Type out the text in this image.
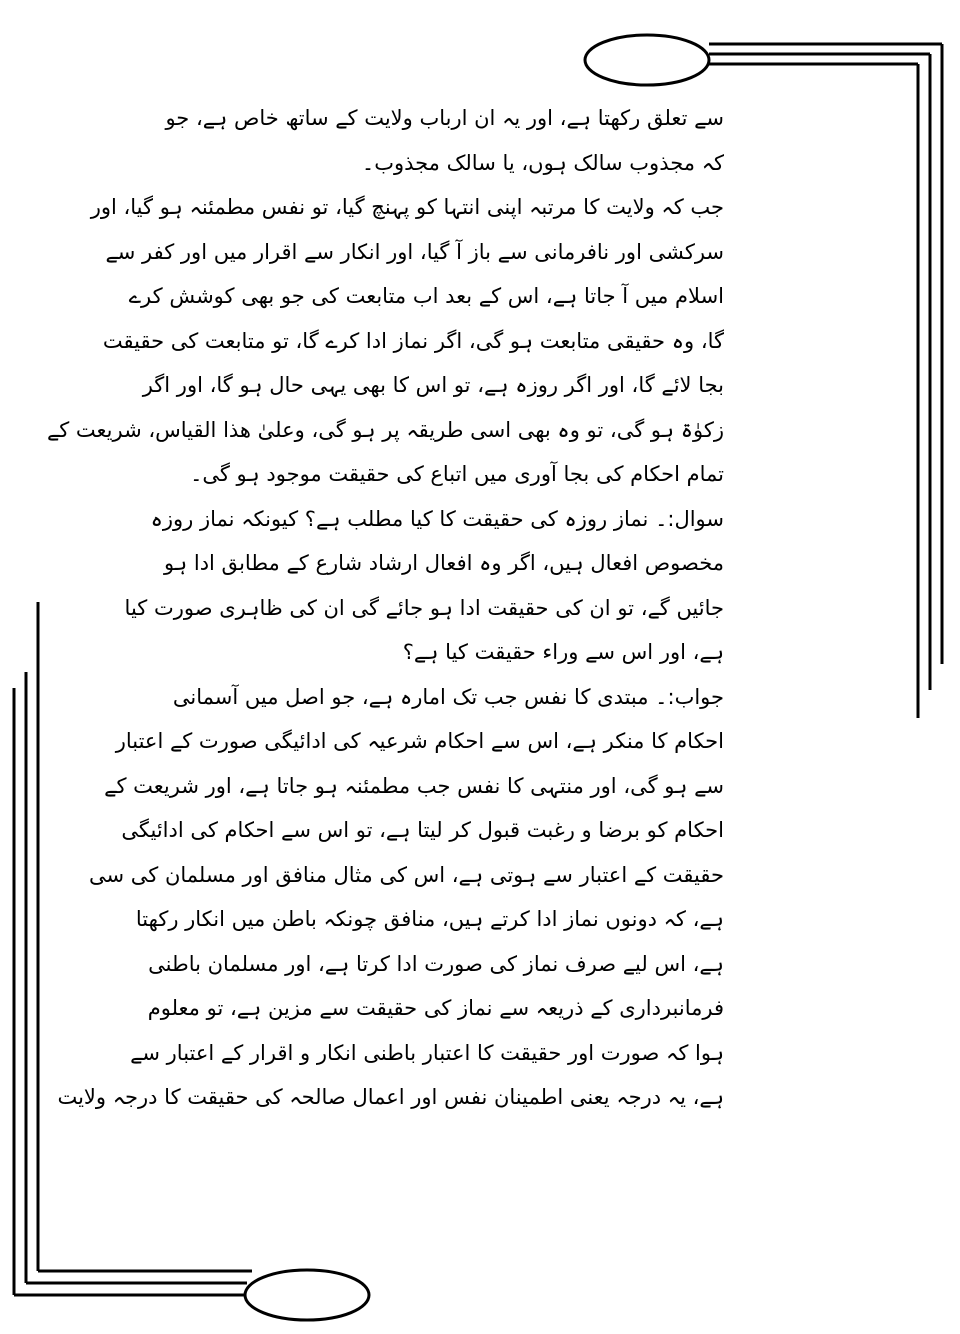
سے تعلق رکھتا ہے، اور یہ ان ارباب ولایت کے ساتھ خاص ہے، جو
کہ مجذوب سالک ہوں، یا سالک مجذوب۔
جب کہ ولایت کا مرتبہ اپنی انتہا کو پہنچ گیا، تو نفس مطمئنہ ہو گیا، اور
سرکشی اور نافرمانی سے باز آ گیا، اور انکار سے اقرار میں اور کفر سے
اسلام میں آ جاتا ہے، اس کے بعد اب متابعت کی جو بھی کوشش کرے
گا، وہ حقیقی متابعت ہو گی، اگر نماز ادا کرے گا، تو متابعت کی حقیقت
بجا لائے گا، اور اگر روزہ ہے، تو اس کا بھی یہی حال ہو گا، اور اگر
زکوٰۃ ہو گی، تو وہ بھی اسی طریقہ پر ہو گی، وعلیٰ ھذا القیاس، شریعت کے
تمام احکام کی بجا آوری میں اتباع کی حقیقت موجود ہو گی۔
سوال:۔ نماز روزہ کی حقیقت کا کیا مطلب ہے؟ کیونکہ نماز روزہ
مخصوص افعال ہیں، اگر وہ افعال ارشاد شارع کے مطابق ادا ہو
جائیں گے، تو ان کی حقیقت ادا ہو جائے گی ان کی ظاہری صورت کیا
ہے، اور اس سے وراء حقیقت کیا ہے؟
جواب:۔ مبتدی کا نفس جب تک امارہ ہے، جو اصل میں آسمانی
احکام کا منکر ہے، اس سے احکام شرعیہ کی ادائیگی صورت کے اعتبار
سے ہو گی، اور منتہی کا نفس جب مطمئنہ ہو جاتا ہے، اور شریعت کے
احکام کو برضا و رغبت قبول کر لیتا ہے، تو اس سے احکام کی ادائیگی
حقیقت کے اعتبار سے ہوتی ہے، اس کی مثال منافق اور مسلمان کی سی
ہے، کہ دونوں نماز ادا کرتے ہیں، منافق چونکہ باطن میں انکار رکھتا
ہے، اس لیے صرف نماز کی صورت ادا کرتا ہے، اور مسلمان باطنی
فرمانبرداری کے ذریعہ سے نماز کی حقیقت سے مزین ہے، تو معلوم
ہوا کہ صورت اور حقیقت کا اعتبار باطنی انکار و اقرار کے اعتبار سے
ہے، یہ درجہ یعنی اطمینان نفس اور اعمال صالحہ کی حقیقت کا درجہ ولایت
